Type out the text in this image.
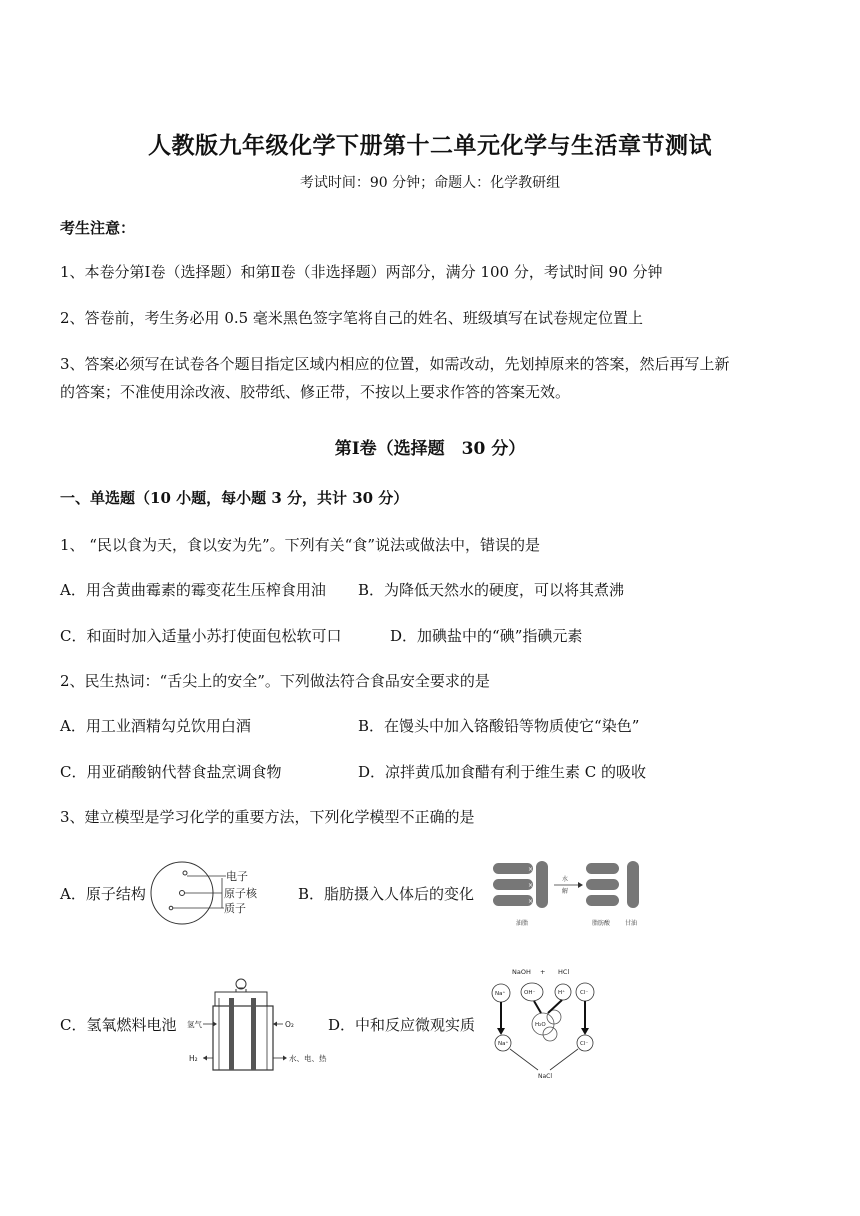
人教版九年级化学下册第十二单元化学与生活章节测试
考试时间：90 分钟；命题人：化学教研组
考生注意：
1、本卷分第Ⅰ卷（选择题）和第Ⅱ卷（非选择题）两部分，满分 100 分，考试时间 90 分钟
2、答卷前，考生务必用 0.5 毫米黑色签字笔将自己的姓名、班级填写在试卷规定位置上
3、答案必须写在试卷各个题目指定区域内相应的位置，如需改动，先划掉原来的答案，然后再写上新
的答案；不准使用涂改液、胶带纸、修正带，不按以上要求作答的答案无效。
第Ⅰ卷（选择题　30 分）
一、单选题（10 小题，每小题 3 分，共计 30 分）
1、 “民以食为天，食以安为先”。下列有关“食”说法或做法中，错误的是
A．用含黄曲霉素的霉变花生压榨食用油 B．为降低天然水的硬度，可以将其煮沸
C．和面时加入适量小苏打使面包松软可口	D．加碘盐中的“碘”指碘元素
2、民生热词：“舌尖上的安全”。下列做法符合食品安全要求的是
A．用工业酒精勾兑饮用白酒	B．在馒头中加入铬酸铅等物质使它“染色”
C．用亚硝酸钠代替食盐烹调食物	D．凉拌黄瓜加食醋有利于维生素 C 的吸收
3、建立模型是学习化学的重要方法，下列化学模型不正确的是
A．原子结构	B．脂肪摄入人体后的变化
C．氢氧燃料电池	D．中和反应微观实质
电子
原子核
质子
×
×
×
水
解
油脂	脂肪酸 甘油
氢气	O₂
H₂	水、电、热
NaOH + HCl
Na⁺	OH⁻	H⁺	Cl⁻
H₂O
Na⁺	Cl⁻
NaCl
